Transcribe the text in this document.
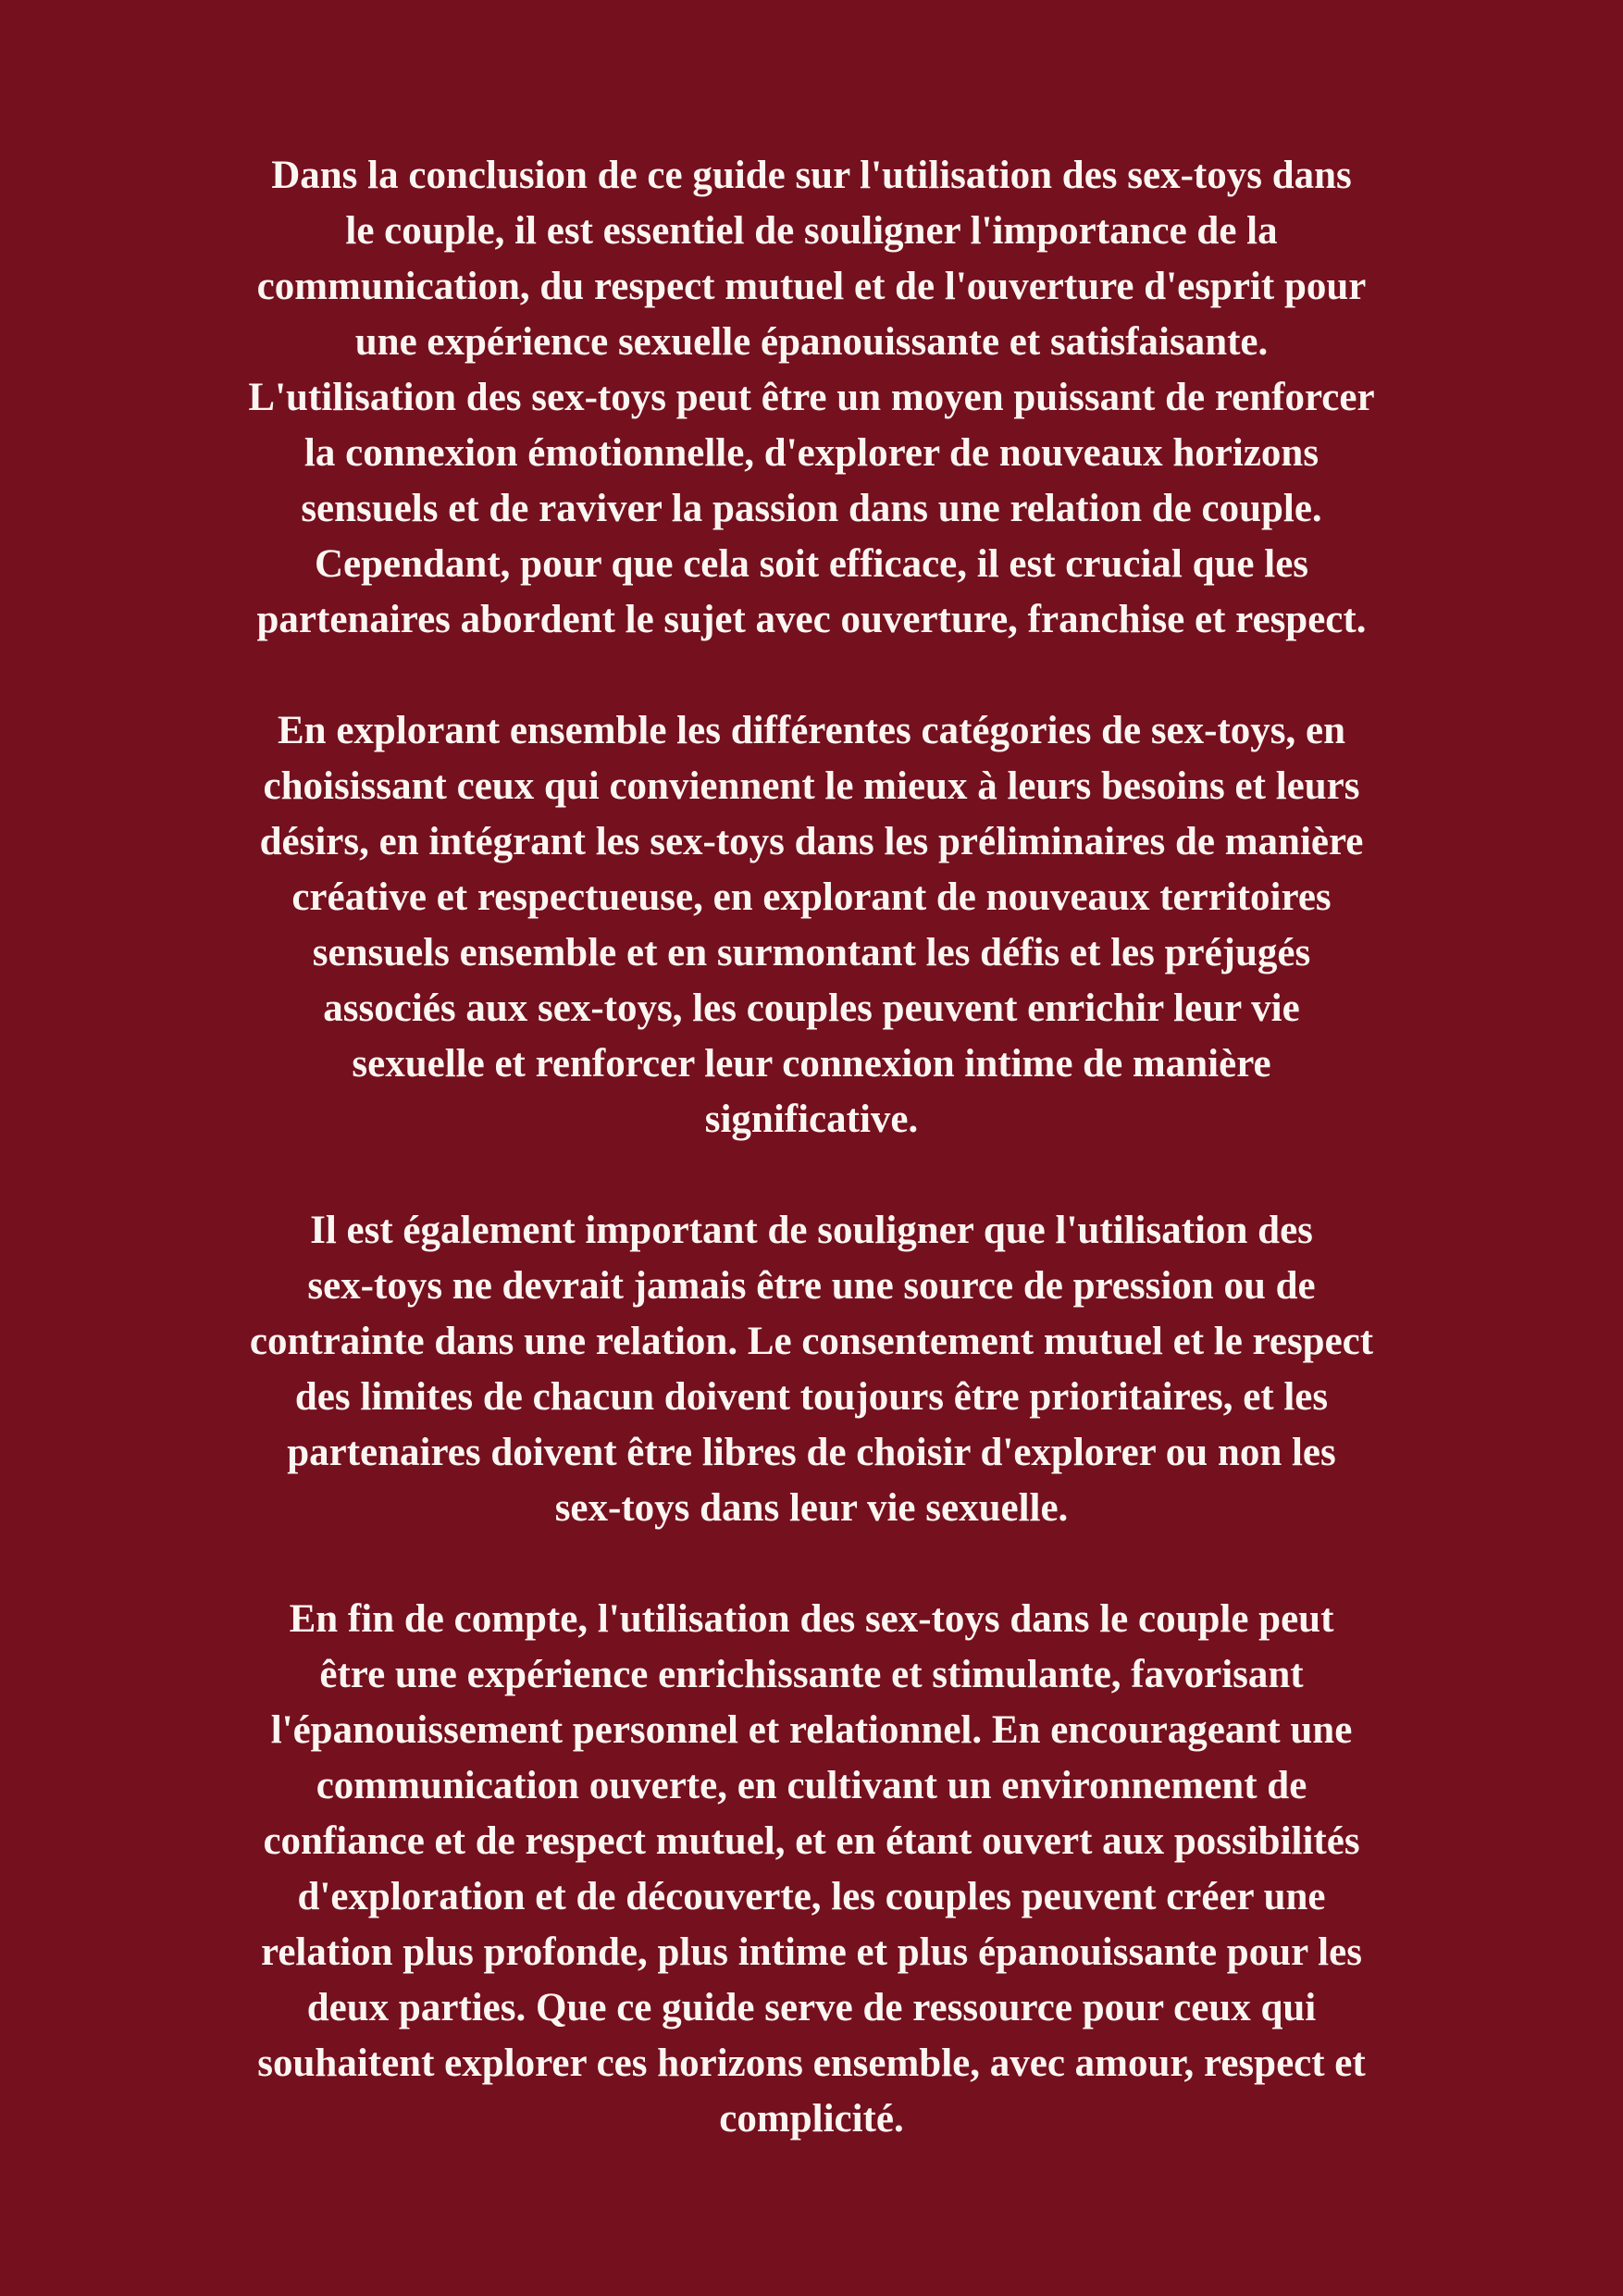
Dans la conclusion de ce guide sur l'utilisation des sex-toys dans
le couple, il est essentiel de souligner l'importance de la
communication, du respect mutuel et de l'ouverture d'esprit pour
une expérience sexuelle épanouissante et satisfaisante.
L'utilisation des sex-toys peut être un moyen puissant de renforcer
la connexion émotionnelle, d'explorer de nouveaux horizons
sensuels et de raviver la passion dans une relation de couple.
Cependant, pour que cela soit efficace, il est crucial que les
partenaires abordent le sujet avec ouverture, franchise et respect.

En explorant ensemble les différentes catégories de sex-toys, en
choisissant ceux qui conviennent le mieux à leurs besoins et leurs
désirs, en intégrant les sex-toys dans les préliminaires de manière
créative et respectueuse, en explorant de nouveaux territoires
sensuels ensemble et en surmontant les défis et les préjugés
associés aux sex-toys, les couples peuvent enrichir leur vie
sexuelle et renforcer leur connexion intime de manière
significative.

Il est également important de souligner que l'utilisation des
sex-toys ne devrait jamais être une source de pression ou de
contrainte dans une relation. Le consentement mutuel et le respect
des limites de chacun doivent toujours être prioritaires, et les
partenaires doivent être libres de choisir d'explorer ou non les
sex-toys dans leur vie sexuelle.

En fin de compte, l'utilisation des sex-toys dans le couple peut
être une expérience enrichissante et stimulante, favorisant
l'épanouissement personnel et relationnel. En encourageant une
communication ouverte, en cultivant un environnement de
confiance et de respect mutuel, et en étant ouvert aux possibilités
d'exploration et de découverte, les couples peuvent créer une
relation plus profonde, plus intime et plus épanouissante pour les
deux parties. Que ce guide serve de ressource pour ceux qui
souhaitent explorer ces horizons ensemble, avec amour, respect et
complicité.
